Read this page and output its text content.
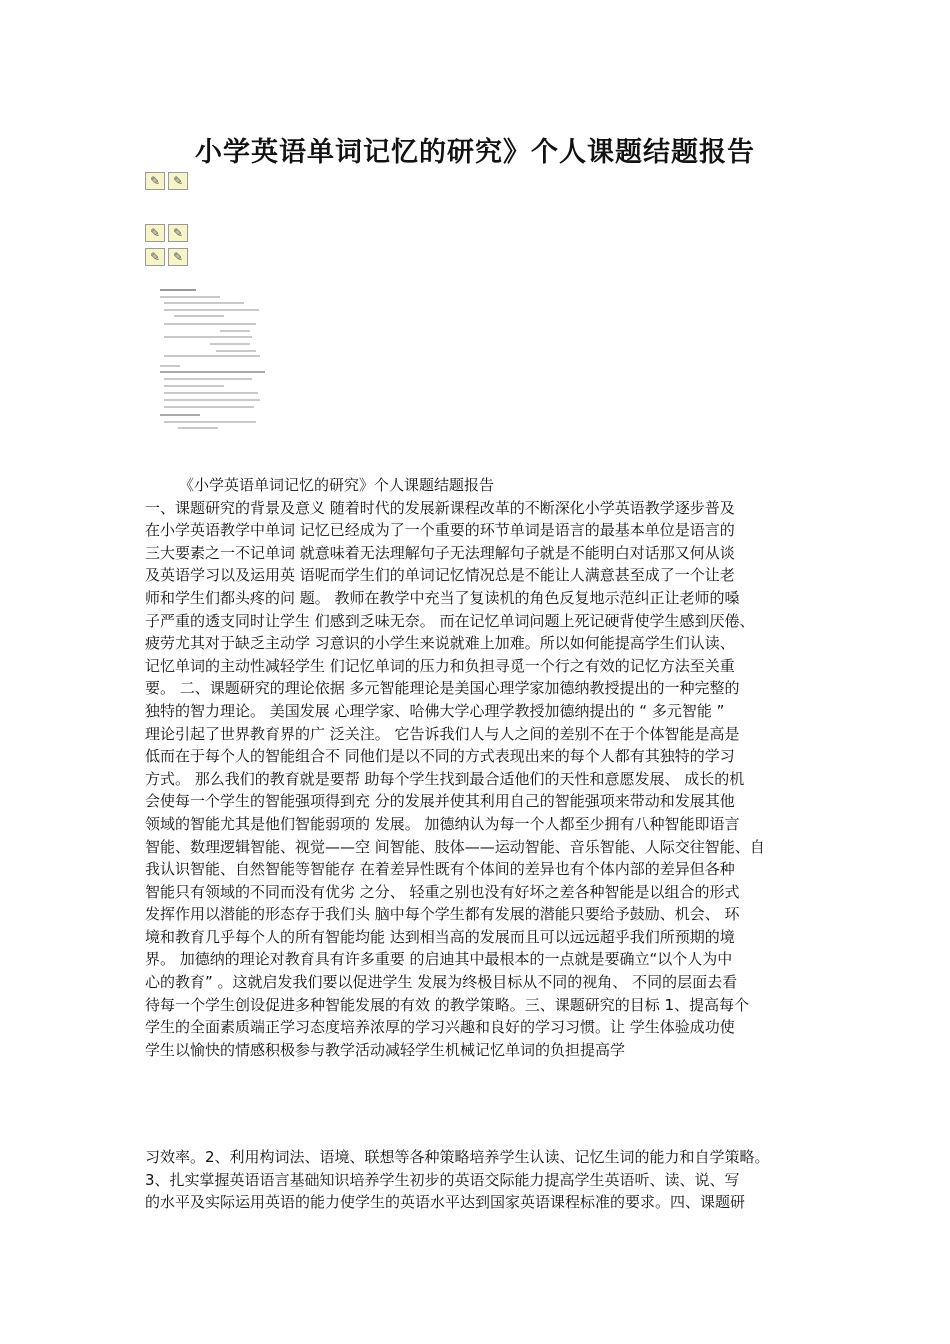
小学英语单词记忆的研究》个人课题结题报告
✎	✎
✎	✎
✎	✎
《小学英语单词记忆的研究》个人课题结题报告
一、课题研究的背景及意义 随着时代的发展新课程改革的不断深化小学英语教学逐步普及
在小学英语教学中单词 记忆已经成为了一个重要的环节单词是语言的最基本单位是语言的
三大要素之一不记单词 就意味着无法理解句子无法理解句子就是不能明白对话那又何从谈
及英语学习以及运用英 语呢而学生们的单词记忆情况总是不能让人满意甚至成了一个让老
师和学生们都头疼的问 题。 教师在教学中充当了复读机的角色反复地示范纠正让老师的嗓
子严重的透支同时让学生 们感到乏味无奈。 而在记忆单词问题上死记硬背使学生感到厌倦、
疲劳尤其对于缺乏主动学 习意识的小学生来说就难上加难。所以如何能提高学生们认读、
记忆单词的主动性减轻学生 们记忆单词的压力和负担寻觅一个行之有效的记忆方法至关重
要。 二、课题研究的理论依据 多元智能理论是美国心理学家加德纳教授提出的一种完整的
独特的智力理论。 美国发展 心理学家、哈佛大学心理学教授加德纳提出的 “ 多元智能 ”
理论引起了世界教育界的广 泛关注。 它告诉我们人与人之间的差别不在于个体智能是高是
低而在于每个人的智能组合不 同他们是以不同的方式表现出来的每个人都有其独特的学习
方式。 那么我们的教育就是要帮 助每个学生找到最合适他们的天性和意愿发展、 成长的机
会使每一个学生的智能强项得到充 分的发展并使其利用自己的智能强项来带动和发展其他
领域的智能尤其是他们智能弱项的 发展。 加德纳认为每一个人都至少拥有八种智能即语言
智能、数理逻辑智能、视觉——空 间智能、肢体——运动智能、音乐智能、人际交往智能、自
我认识智能、自然智能等智能存 在着差异性既有个体间的差异也有个体内部的差异但各种
智能只有领域的不同而没有优劣 之分、 轻重之别也没有好坏之差各种智能是以组合的形式
发挥作用以潜能的形态存于我们头 脑中每个学生都有发展的潜能只要给予鼓励、机会、 环
境和教育几乎每个人的所有智能均能 达到相当高的发展而且可以远远超乎我们所预期的境
界。 加德纳的理论对教育具有许多重要 的启迪其中最根本的一点就是要确立“以个人为中
心的教育” 。这就启发我们要以促进学生 发展为终极目标从不同的视角、 不同的层面去看
待每一个学生创设促进多种智能发展的有效 的教学策略。三、课题研究的目标 1、提高每个
学生的全面素质端正学习态度培养浓厚的学习兴趣和良好的学习习惯。让 学生体验成功使
学生以愉快的情感积极参与教学活动减轻学生机械记忆单词的负担提高学
习效率。2、利用构词法、语境、联想等各种策略培养学生认读、记忆生词的能力和自学策略。
3、扎实掌握英语语言基础知识培养学生初步的英语交际能力提高学生英语听、读、说、写
的水平及实际运用英语的能力使学生的英语水平达到国家英语课程标准的要求。四、课题研
